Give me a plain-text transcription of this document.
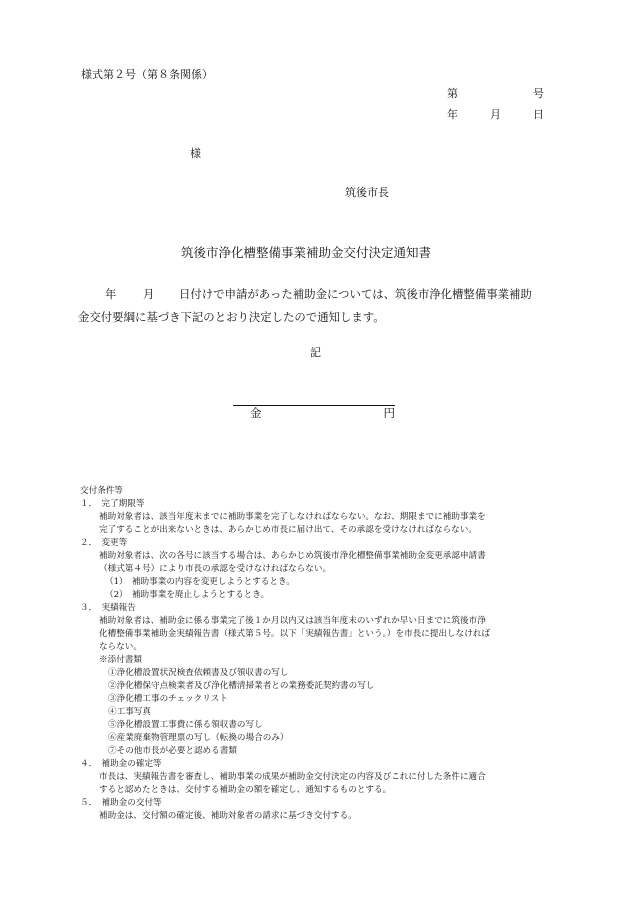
様式第２号（第８条関係）
第	号
年	月	日
様
筑後市長
筑後市浄化槽整備事業補助金交付決定通知書
年 月 日付けで申請があった補助金については、筑後市浄化槽整備事業補助
金交付要綱に基づき下記のとおり決定したので通知します。
記
金	円
交付条件等
１．　完了期限等
補助対象者は、該当年度末までに補助事業を完了しなければならない。なお、期限までに補助事業を
完了することが出来ないときは、あらかじめ市長に届け出て、その承認を受けなければならない。
２．　変更等
補助対象者は、次の各号に該当する場合は、あらかじめ筑後市浄化槽整備事業補助金変更承認申請書
（様式第４号）により市長の承認を受けなければならない。
（1）　補助事業の内容を変更しようとするとき。
（2）　補助事業を廃止しようとするとき。
３．　実績報告
補助対象者は、補助金に係る事業完了後１か月以内又は該当年度末のいずれか早い日までに筑後市浄
化槽整備事業補助金実績報告書（様式第５号。以下「実績報告書」という。）を市長に提出しなければ
ならない。
※添付書類
①浄化槽設置状況検査依頼書及び領収書の写し
②浄化槽保守点検業者及び浄化槽清掃業者との業務委託契約書の写し
③浄化槽工事のチェックリスト
④工事写真
⑤浄化槽設置工事費に係る領収書の写し
⑥産業廃棄物管理票の写し（転換の場合のみ）
⑦その他市長が必要と認める書類
４．　補助金の確定等
市長は、実績報告書を審査し、補助事業の成果が補助金交付決定の内容及びこれに付した条件に適合
すると認めたときは、交付する補助金の額を確定し、通知するものとする。
５．　補助金の交付等
補助金は、交付額の確定後、補助対象者の請求に基づき交付する。
